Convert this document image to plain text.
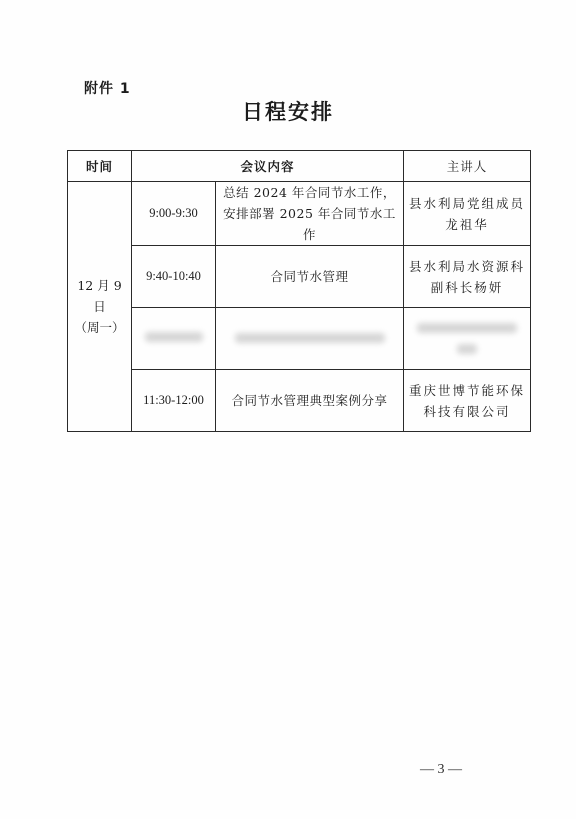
附件 1
日程安排
时间	会议内容		主讲人

12 月 9 日
（周一）	9:00-9:30	总结 2024 年合同节水工作，安排部署 2025 年合同节水工作	县水利局党组成员龙祖华
	9:40-10:40	合同节水管理	县水利局水资源科副科长杨妍

	11:30-12:00	合同节水管理典型案例分享	重庆世博节能环保科技有限公司
— 3 —
